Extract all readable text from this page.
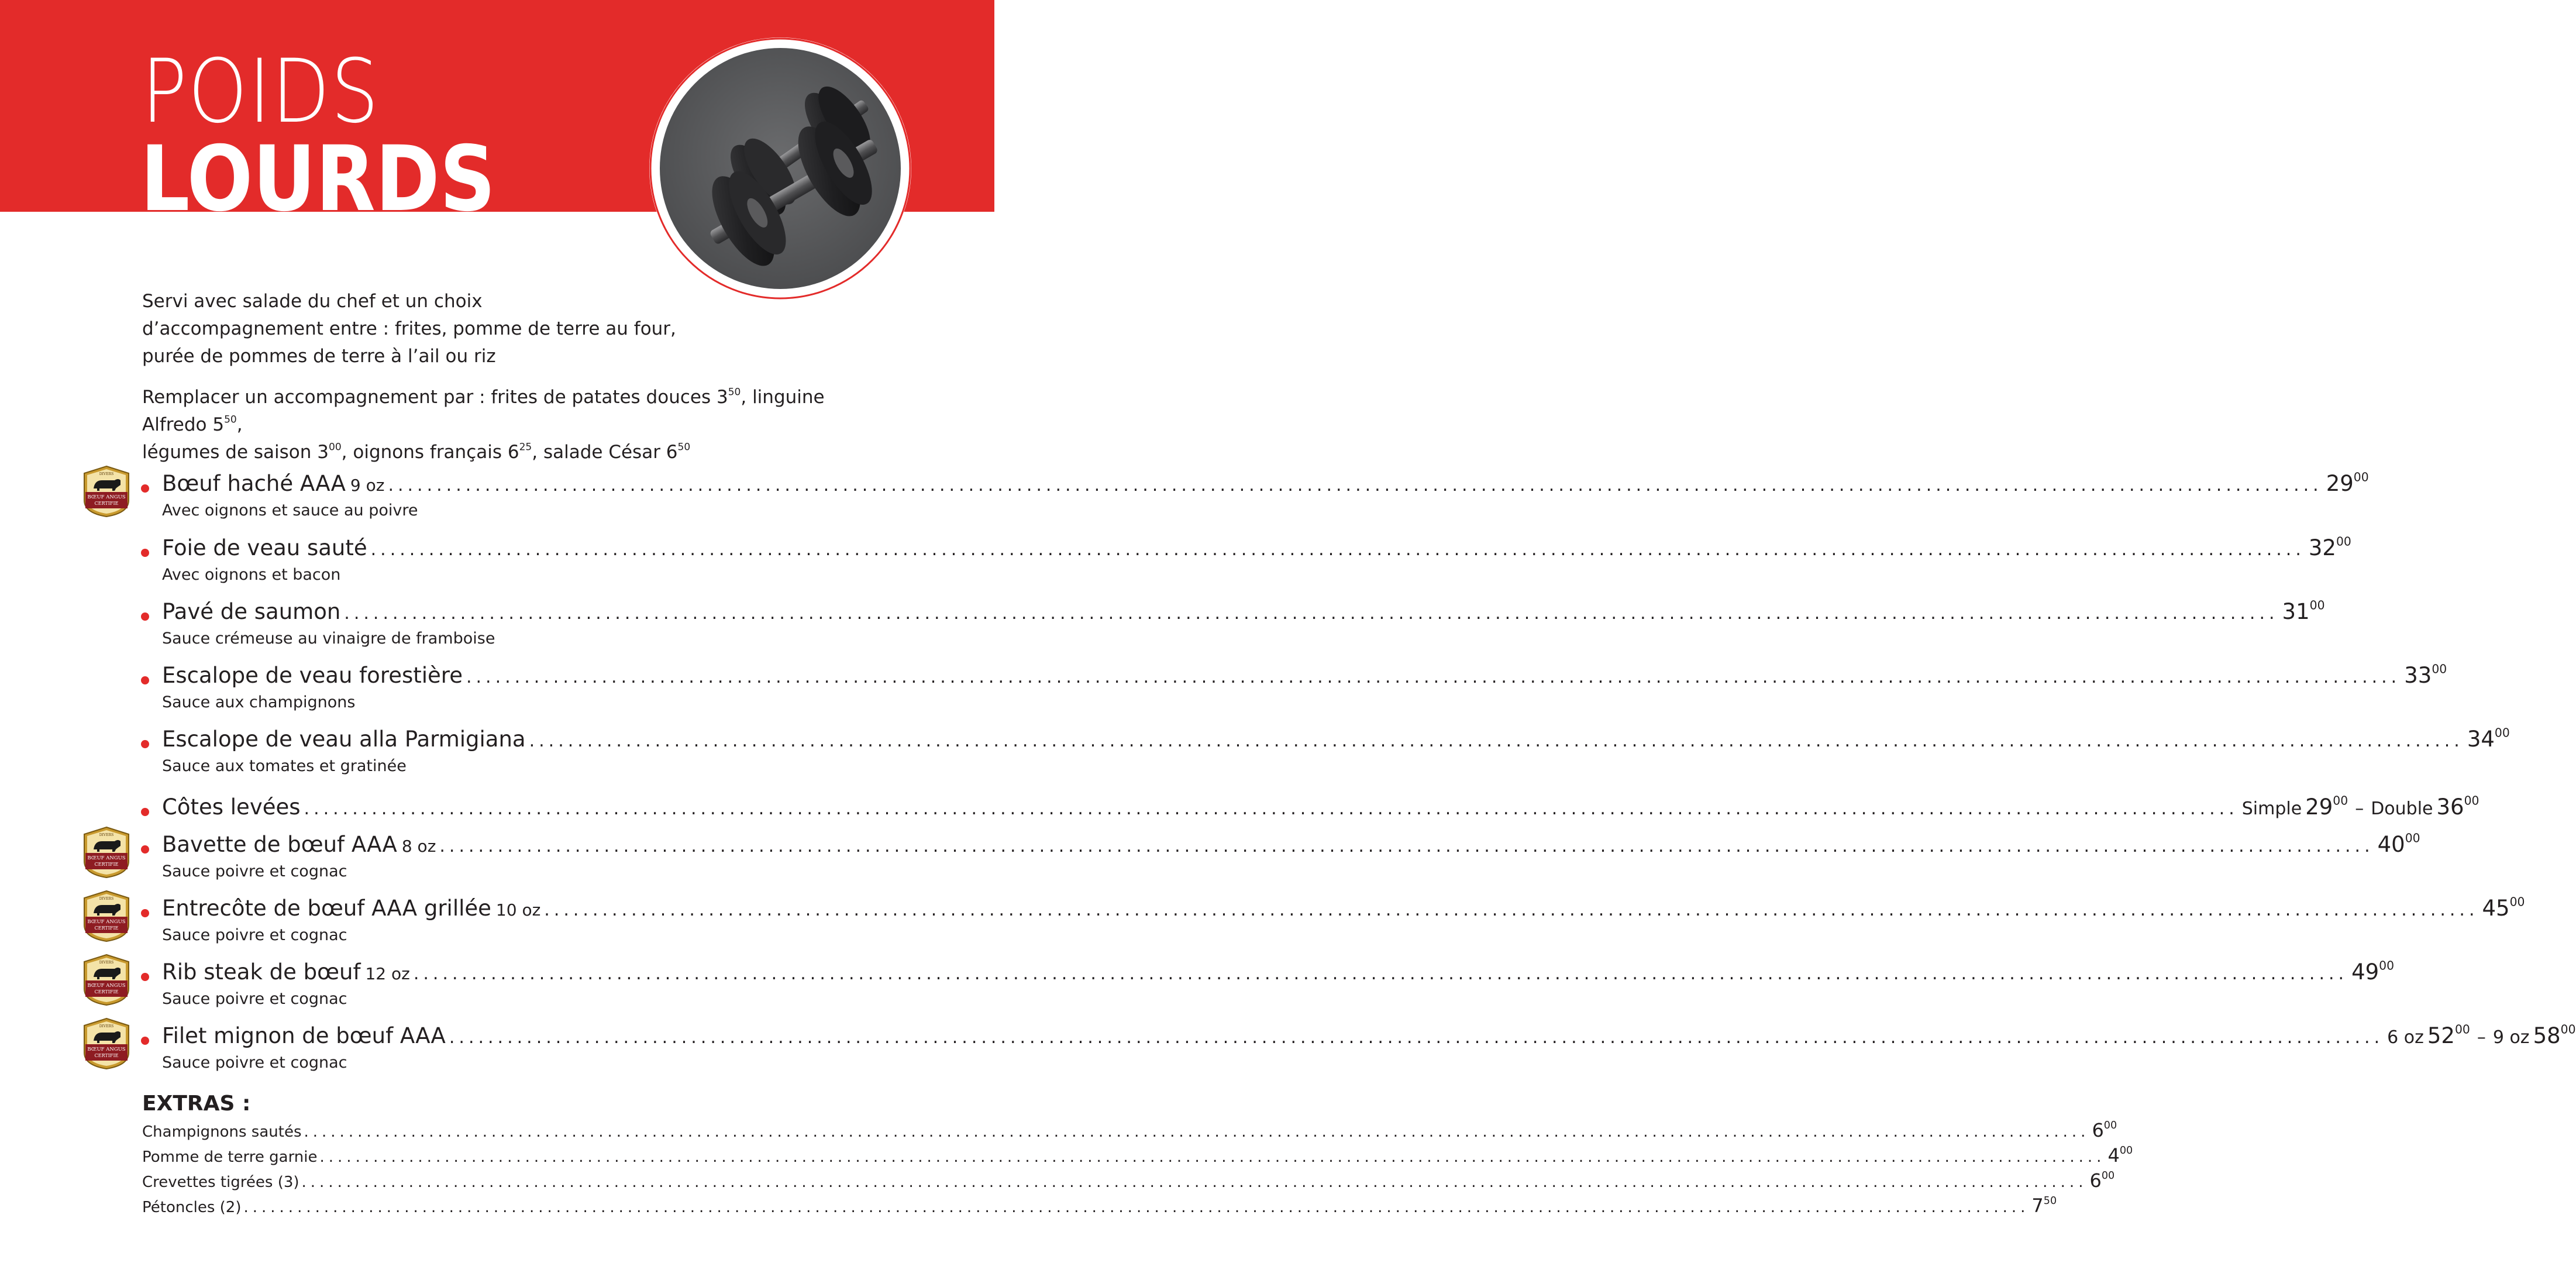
POIDS
LOURDS

Servi avec salade du chef et un choix

d’accompagnement entre : frites, pomme de terre au four,

purée de pommes de terre à l’ail ou riz

Remplacer un accompagnement par : frites de patates douces $3^{50}$, linguine Alfredo $5^{50}$,

légumes de saison $3^{00}$, oignons français $6^{25}$, salade César $6^{50}$

DIVERS
BŒUF ANGUS
CERTIFIE
Bœuf haché AAA 9 oz ........................................................................................................................................................................................................ $29^{00}$
Avec oignons et sauce au poivre
Foie de veau sauté ........................................................................................................................................................................................................ $32^{00}$
Avec oignons et bacon
Pavé de saumon ........................................................................................................................................................................................................ $31^{00}$
Sauce crémeuse au vinaigre de framboise
Escalope de veau forestière ........................................................................................................................................................................................................ $33^{00}$
Sauce aux champignons
Escalope de veau alla Parmigiana ........................................................................................................................................................................................................ $34^{00}$
Sauce aux tomates et gratinée
Côtes levées ........................................................................................................................................................................................................ Simple $29^{00}$ – Double $36^{00}$
DIVERS
BŒUF ANGUS
CERTIFIE
Bavette de bœuf AAA 8 oz ........................................................................................................................................................................................................ $40^{00}$
Sauce poivre et cognac
DIVERS
BŒUF ANGUS
CERTIFIE
Entrecôte de bœuf AAA grillée 10 oz ........................................................................................................................................................................................................ $45^{00}$
Sauce poivre et cognac
DIVERS
BŒUF ANGUS
CERTIFIE
Rib steak de bœuf 12 oz ........................................................................................................................................................................................................ $49^{00}$
Sauce poivre et cognac
DIVERS
BŒUF ANGUS
CERTIFIE
Filet mignon de bœuf AAA ........................................................................................................................................................................................................ 6 oz $52^{00} - 9$ oz $58^{00}$
Sauce poivre et cognac
EXTRAS :
Champignons sautés ........................................................................................................................................................................................................ $6^{00}$
Pomme de terre garnie ........................................................................................................................................................................................................ $4^{00}$
Crevettes tigrées (3) ........................................................................................................................................................................................................ $6^{00}$
Pétoncles (2) ........................................................................................................................................................................................................ $7^{50}$
